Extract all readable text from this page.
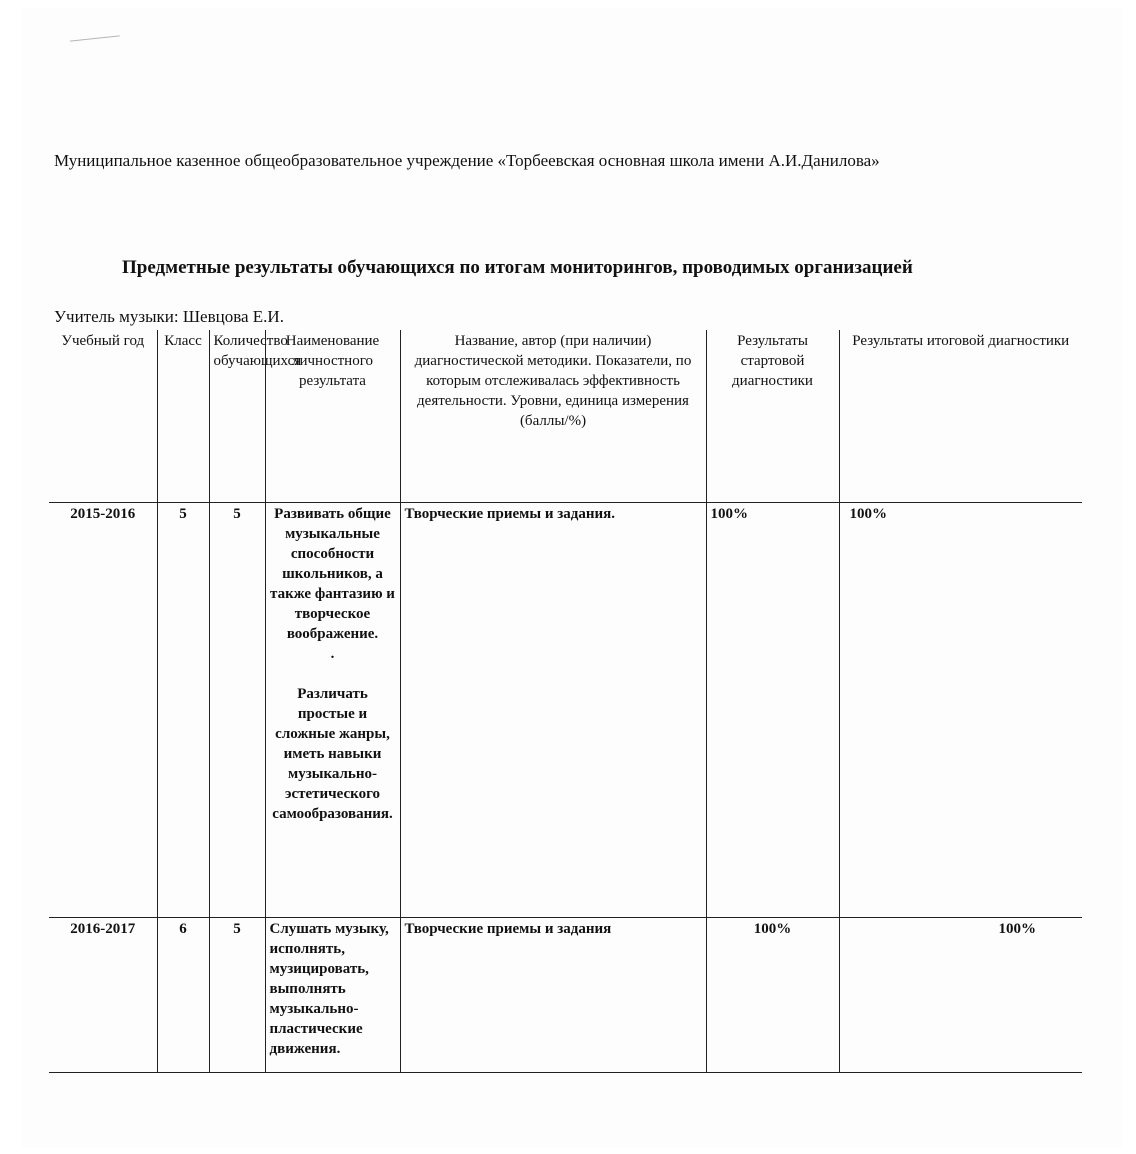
Муниципальное казенное общеобразовательное учреждение «Торбеевская основная школа имени А.И.Данилова»
Предметные результаты обучающихся по итогам мониторингов, проводимых организацией
Учитель музыки: Шевцова Е.И.
Учебный год	Класс	Количество обучающихся	Наименование личностного результата	Название, автор (при наличии) диагностической методики. Показатели, по которым отслеживалась эффективность деятельности. Уровни, единица измерения (баллы/%)	Результаты стартовой диагностики	Результаты итоговой диагностики
2015-2016	5	5	Развивать общие музыкальные способности школьников, а также фантазию и творческое воображение.
.
Различать простые и сложные жанры, иметь навыки музыкально-эстетического самообразования.	Творческие приемы и задания.	100%	100%
2016-2017	6	5	Слушать музыку, исполнять, музицировать, выполнять музыкально-пластические движения.	Творческие приемы и задания	100%	100%
